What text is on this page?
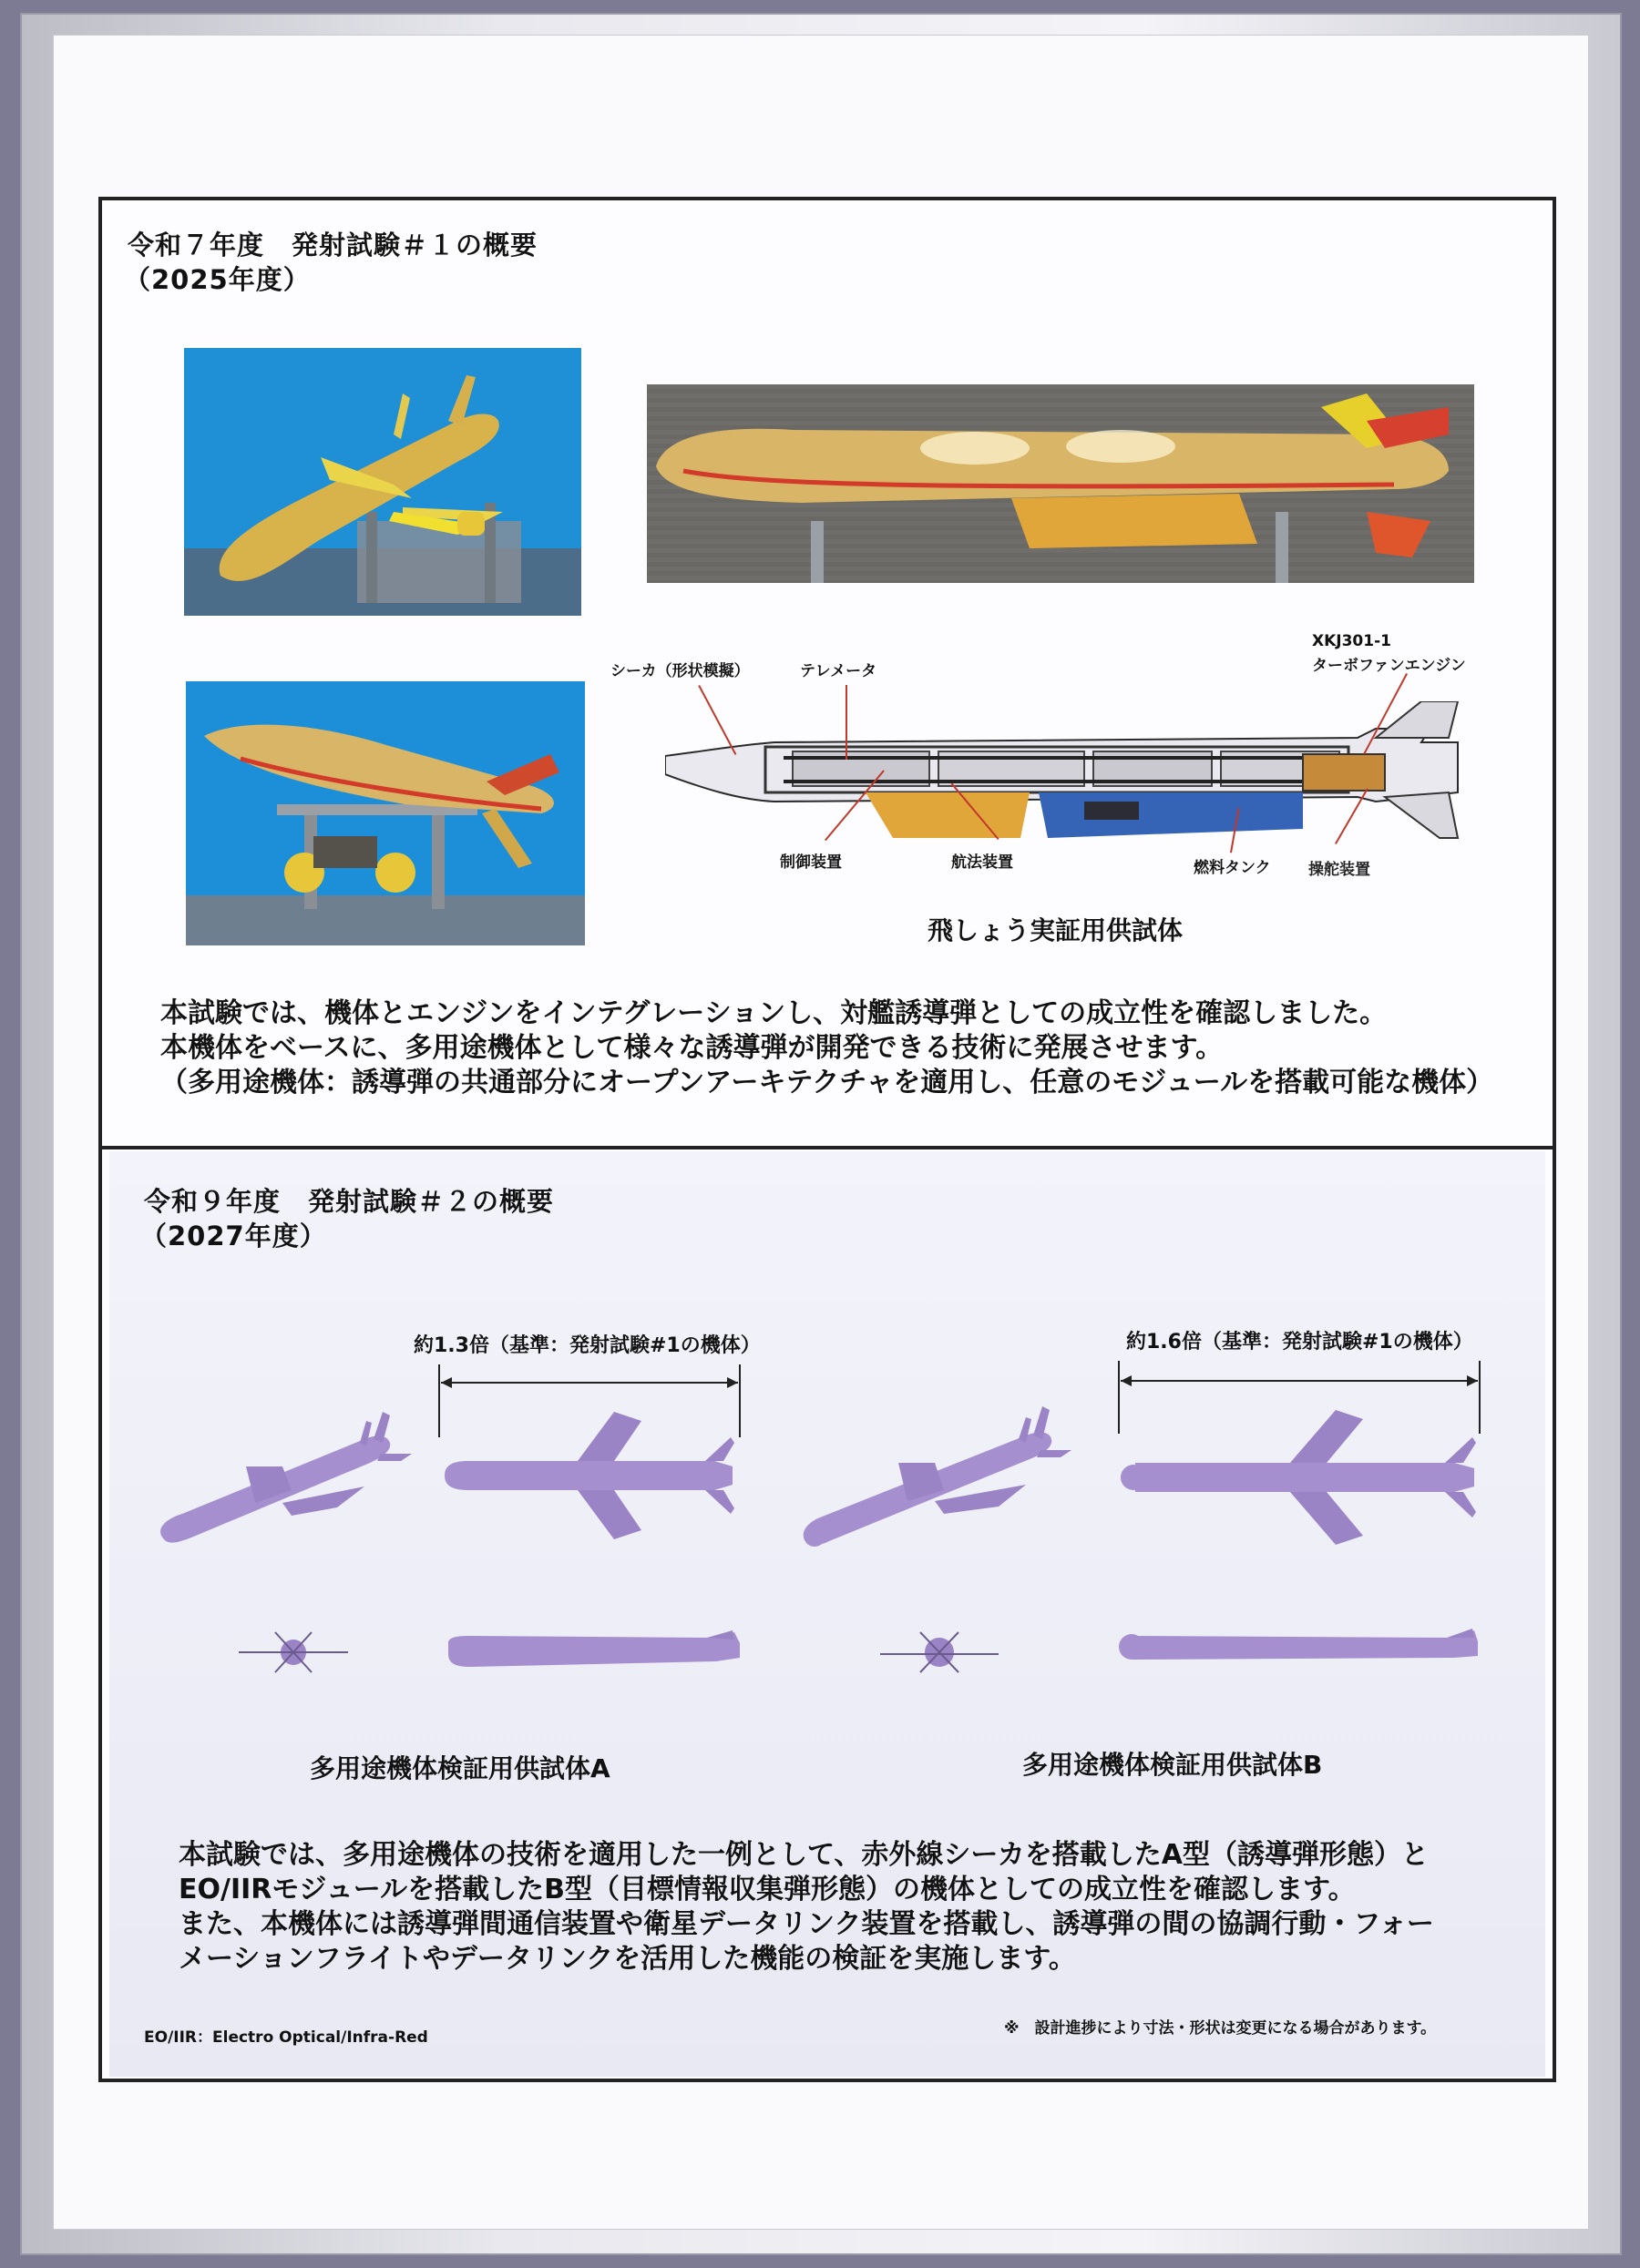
令和７年度　発射試験＃１の概要
（2025年度）
シーカ（形状模擬）	テレメータ
XKJ301-1
ターボファンエンジン
制御装置	航法装置	燃料タンク 操舵装置
飛しょう実証用供試体
本試験では、機体とエンジンをインテグレーションし、対艦誘導弾としての成立性を確認しました。
本機体をベースに、多用途機体として様々な誘導弾が開発できる技術に発展させます。
（多用途機体：誘導弾の共通部分にオープンアーキテクチャを適用し、任意のモジュールを搭載可能な機体）
令和９年度　発射試験＃２の概要
（2027年度）
約1.3倍（基準：発射試験#1の機体）	約1.6倍（基準：発射試験#1の機体）
多用途機体検証用供試体A	多用途機体検証用供試体B
本試験では、多用途機体の技術を適用した一例として、赤外線シーカを搭載したA型（誘導弾形態）と
EO/IIRモジュールを搭載したB型（目標情報収集弾形態）の機体としての成立性を確認します。
また、本機体には誘導弾間通信装置や衛星データリンク装置を搭載し、誘導弾の間の協調行動・フォー
メーションフライトやデータリンクを活用した機能の検証を実施します。
EO/IIR：Electro Optical/Infra-Red	※　設計進捗により寸法・形状は変更になる場合があります。
